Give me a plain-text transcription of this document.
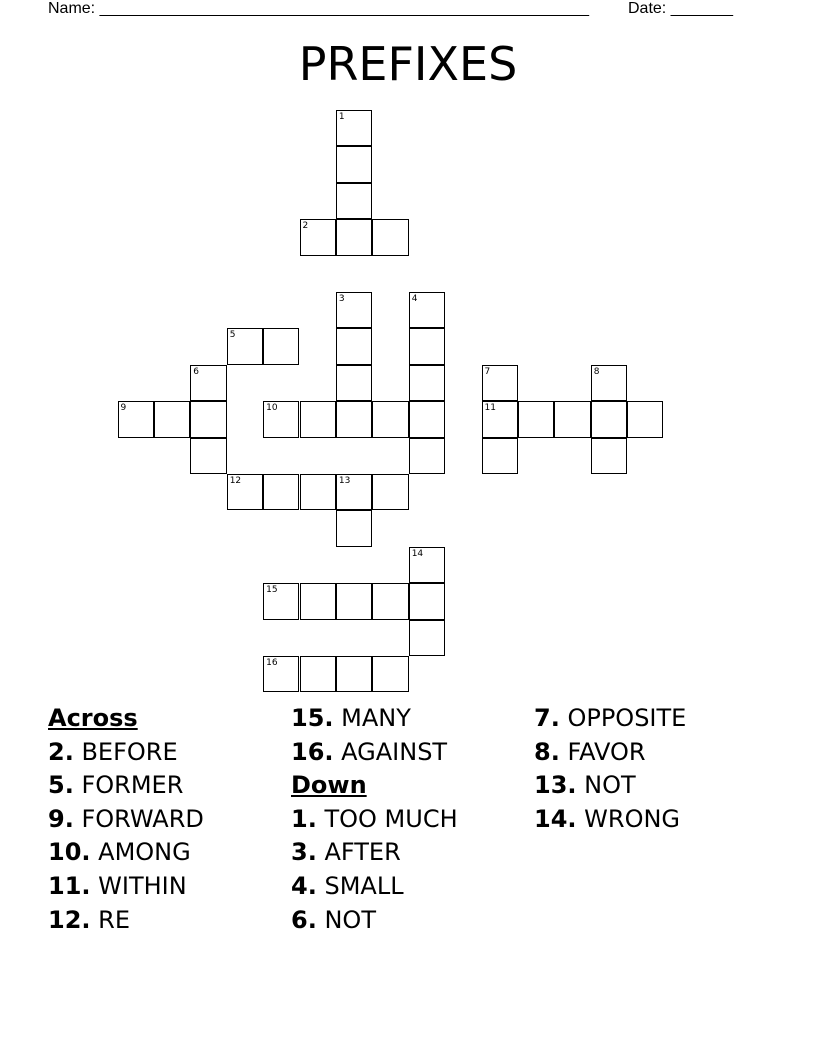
Name: _______________________________________________________ Date: _______
PREFIXES
1
2
3	4
5
6	7	8
9	10	11
12	13
14
15
16
Across
2. BEFORE
5. FORMER
9. FORWARD
10. AMONG
11. WITHIN
12. RE
15. MANY
16. AGAINST
Down
1. TOO MUCH
3. AFTER
4. SMALL
6. NOT
7. OPPOSITE
8. FAVOR
13. NOT
14. WRONG
